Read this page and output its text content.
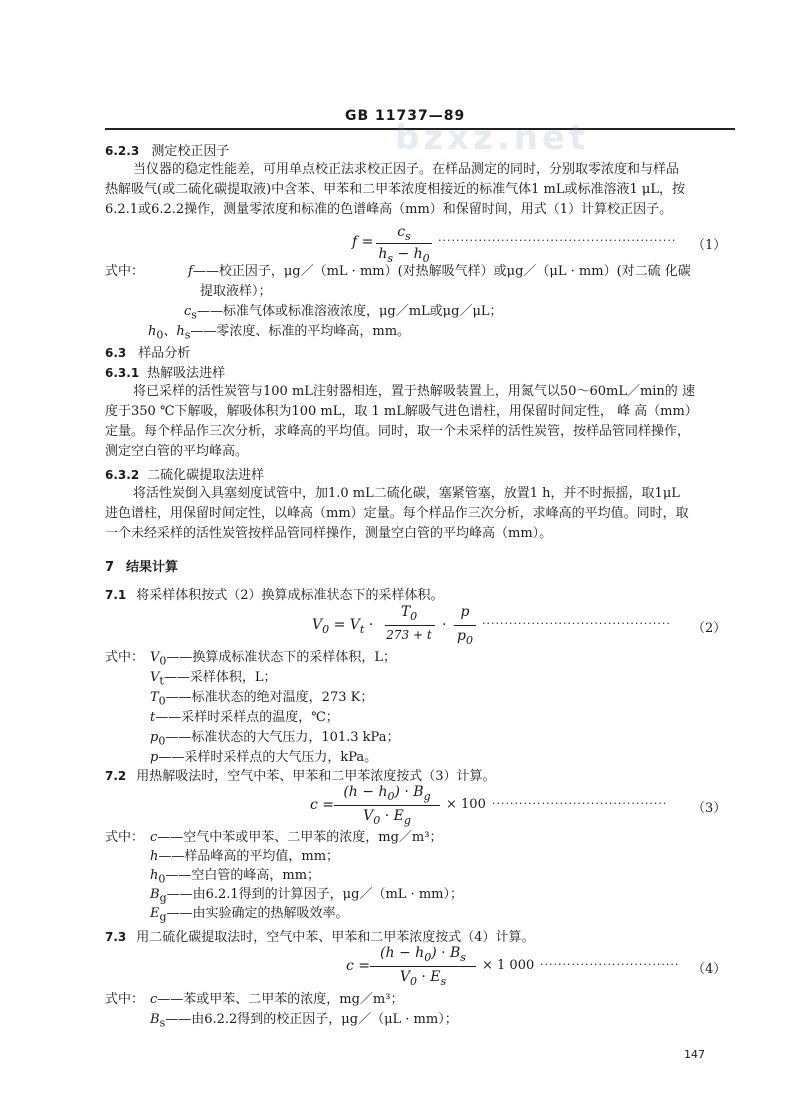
GB 11737—89
bzxz.net
6.2.3 测定校正因子
当仪器的稳定性能差，可用单点校正法求校正因子。在样品测定的同时，分别取零浓度和与样品
热解吸气(或二硫化碳提取液)中含苯、甲苯和二甲苯浓度相接近的标准气体1 mL或标准溶液1 μL，按
6.2.1或6.2.2操作，测量零浓度和标准的色谱峰高（mm）和保留时间，用式（1）计算校正因子。
f =
$c_s$
$h_s - h_0$
····················································· （1）
式中：	f——校正因子，μg／（mL · mm）(对热解吸气样）或μg／（μL · mm）(对二硫 化碳
提取液样）；
$c_s——$标准气体或标准溶液浓度，μg／mL或μg／μL；
$h_0$、$h_s——$零浓度、标准的平均峰高，mm。
6.3 样品分析
6.3.1 热解吸法进样
将已采样的活性炭管与100 mL注射器相连，置于热解吸装置上，用氮气以50～60mL／min的 速
度于350 ℃下解吸，解吸体积为100 mL，取 1 mL解吸气进色谱柱，用保留时间定性， 峰 高（mm）
定量。每个样品作三次分析，求峰高的平均值。同时，取一个未采样的活性炭管，按样品管同样操作，
测定空白管的平均峰高。
6.3.2 二硫化碳提取法进样
将活性炭倒入具塞刻度试管中，加1.0 mL二硫化碳，塞紧管塞，放置1 h，并不时振摇，取1μL
进色谱柱，用保留时间定性，以峰高（mm）定量。每个样品作三次分析，求峰高的平均值。同时，取
一个未经采样的活性炭管按样品管同样操作，测量空白管的平均峰高（mm）。
7 结果计算
7.1 将采样体积按式（2）换算成标准状态下的采样体积。
$V_0 = V_t$ ·
$T_0$
273 + t
·
p
$p_0$
·········································· （2）
式中： $V_0——$换算成标准状态下的采样体积，L；
$V_t——$采样体积，L；
$T_0——$标准状态的绝对温度，273 K；
t——采样时采样点的温度，℃；
$p_0——$标准状态的大气压力，101.3 kPa；
p——采样时采样点的大气压力，kPa。
7.2 用热解吸法时，空气中苯、甲苯和二甲苯浓度按式（3）计算。
c =
$(h - h_0) \cdot B_g$
$V_0 \cdot E_g$
× 100 ······································· （3）
式中： c——空气中苯或甲苯、二甲苯的浓度，mg／m³；
h——样品峰高的平均值，mm；
$h_0——$空白管的峰高，mm；
$B_g——$由6.2.1得到的计算因子，μg／（mL · mm）；
$E_g——$由实验确定的热解吸效率。
7.3 用二硫化碳提取法时，空气中苯、甲苯和二甲苯浓度按式（4）计算。
c =
$(h - h_0) \cdot B_s$
$V_0 \cdot E_s$
× 1 000 ······························· （4）
式中： c——苯或甲苯、二甲苯的浓度，mg／m³；
$B_s——$由6.2.2得到的校正因子，μg／（μL · mm）；
147
